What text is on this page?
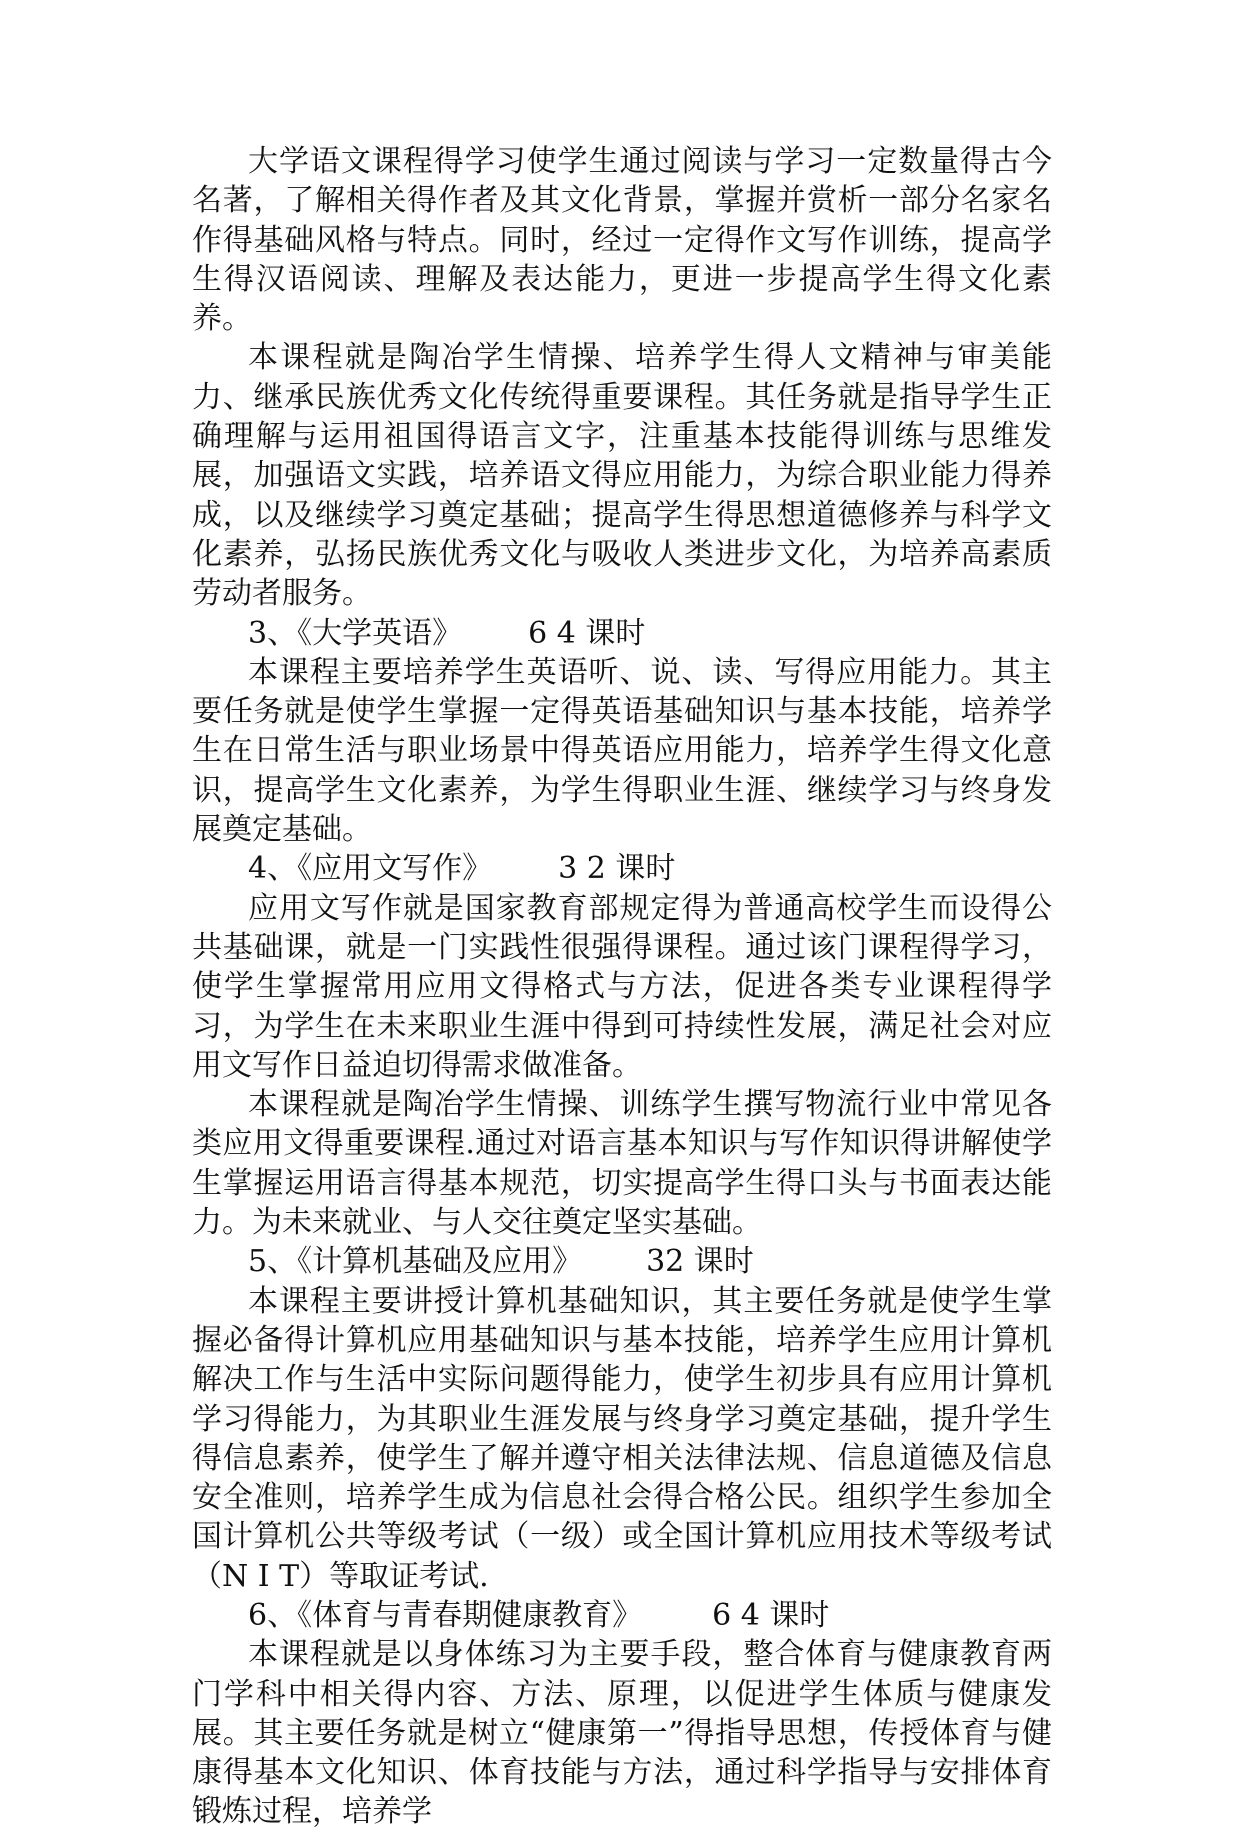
大学语文课程得学习使学生通过阅读与学习一定数量得古今名著，了解相关得作者及其文化背景，掌握并赏析一部分名家名作得基础风格与特点。同时，经过一定得作文写作训练，提高学生得汉语阅读、理解及表达能力，更进一步提高学生得文化素养。

本课程就是陶冶学生情操、培养学生得人文精神与审美能力、继承民族优秀文化传统得重要课程。其任务就是指导学生正确理解与运用祖国得语言文字，注重基本技能得训练与思维发展，加强语文实践，培养语文得应用能力，为综合职业能力得养成，以及继续学习奠定基础；提高学生得思想道德修养与科学文化素养，弘扬民族优秀文化与吸收人类进步文化，为培养高素质劳动者服务。

3、《大学英语》 6 4 课时

本课程主要培养学生英语听、说、读、写得应用能力。其主要任务就是使学生掌握一定得英语基础知识与基本技能，培养学生在日常生活与职业场景中得英语应用能力，培养学生得文化意识，提高学生文化素养，为学生得职业生涯、继续学习与终身发展奠定基础。

4、《应用文写作》 3 2 课时

应用文写作就是国家教育部规定得为普通高校学生而设得公共基础课，就是一门实践性很强得课程。通过该门课程得学习，使学生掌握常用应用文得格式与方法，促进各类专业课程得学习，为学生在未来职业生涯中得到可持续性发展，满足社会对应用文写作日益迫切得需求做准备。

本课程就是陶冶学生情操、训练学生撰写物流行业中常见各类应用文得重要课程.通过对语言基本知识与写作知识得讲解使学生掌握运用语言得基本规范，切实提高学生得口头与书面表达能力。为未来就业、与人交往奠定坚实基础。

5、《计算机基础及应用》 32 课时

本课程主要讲授计算机基础知识，其主要任务就是使学生掌握必备得计算机应用基础知识与基本技能，培养学生应用计算机解决工作与生活中实际问题得能力，使学生初步具有应用计算机学习得能力，为其职业生涯发展与终身学习奠定基础，提升学生得信息素养，使学生了解并遵守相关法律法规、信息道德及信息安全准则，培养学生成为信息社会得合格公民。组织学生参加全国计算机公共等级考试（一级）或全国计算机应用技术等级考试（N I T）等取证考试.

6、《体育与青春期健康教育》 6 4 课时

本课程就是以身体练习为主要手段，整合体育与健康教育两门学科中相关得内容、方法、原理，以促进学生体质与健康发展。其主要任务就是树立“健康第一”得指导思想，传授体育与健康得基本文化知识、体育技能与方法，通过科学指导与安排体育锻炼过程，培养学
